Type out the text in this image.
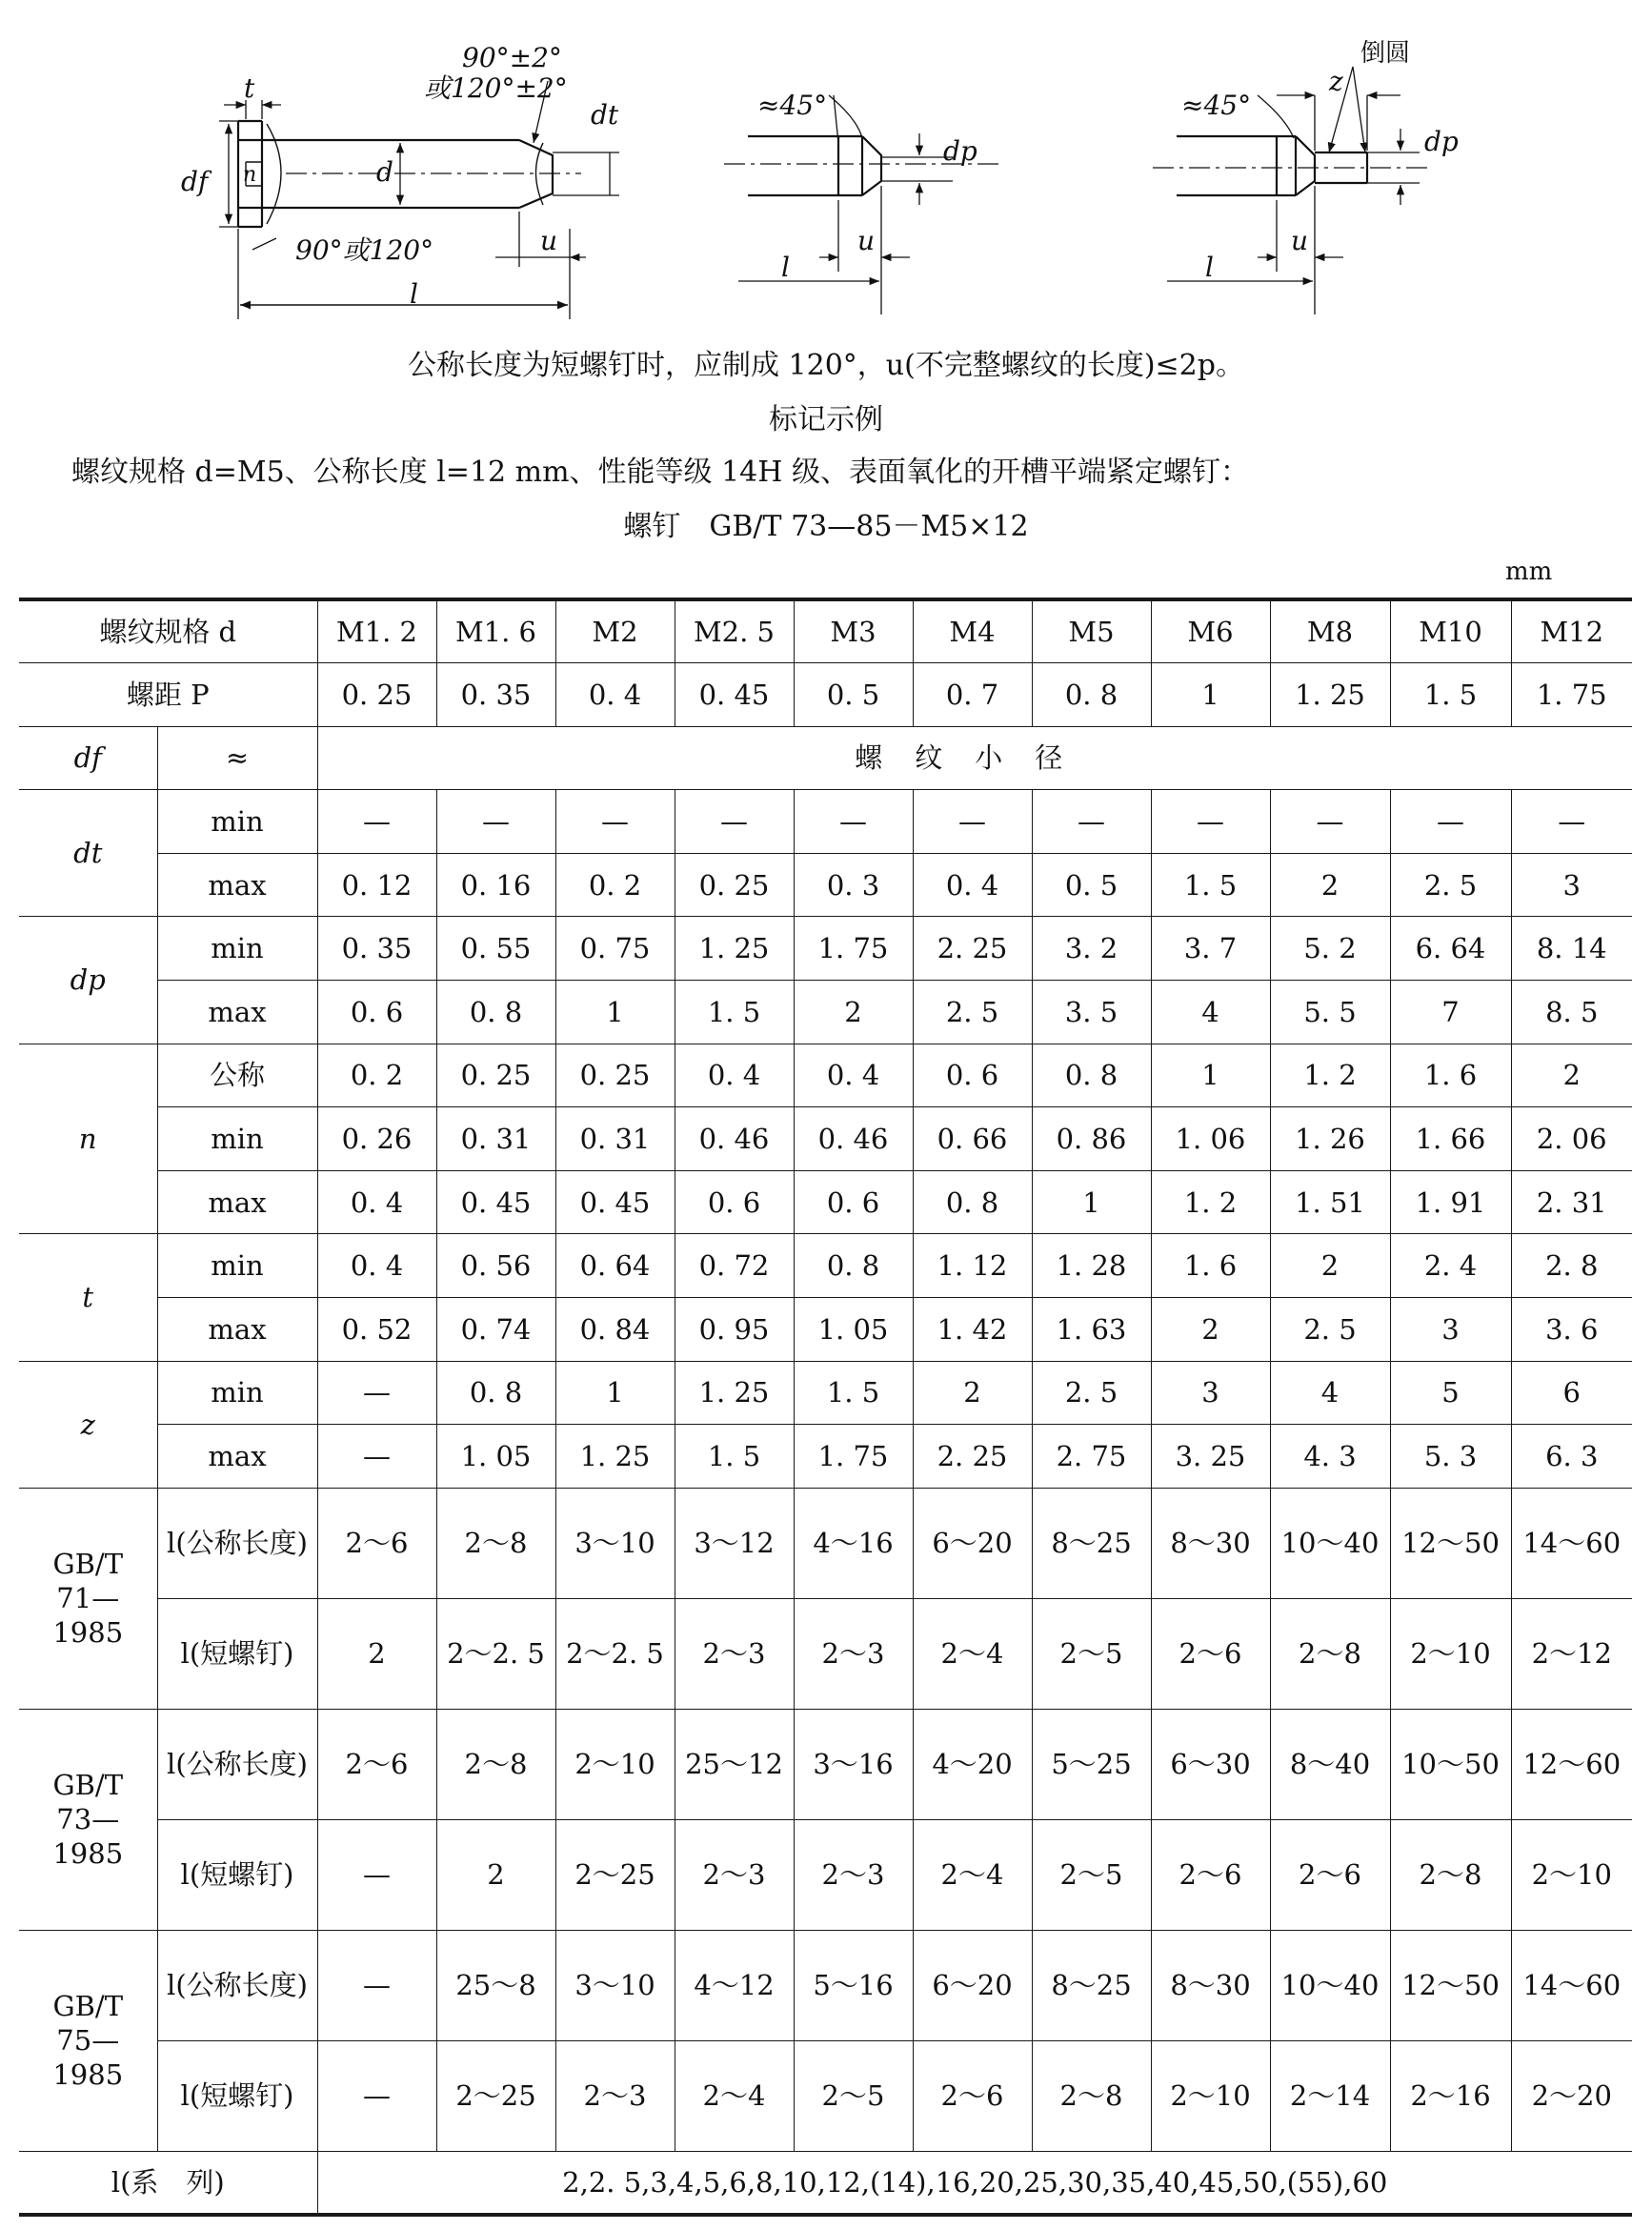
90°±2°
或120°±2°
90°或120°
l
u
t
n
df	d
dt	≈45°
dp
u
l
≈45°
倒圆
z
dp
u
l
公称长度为短螺钉时，应制成 120°，u(不完整螺纹的长度)≤2p。
标记示例
螺纹规格 d=M5、公称长度 l=12 mm、性能等级 14H 级、表面氧化的开槽平端紧定螺钉：
螺钉　GB/T 73—85－M5×12
mm
螺纹规格 d		M1. 2	M1. 6	M2	M2. 5	M3	M4	M5	M6	M8	M10	M12
螺距 P		0. 25	0. 35	0. 4	0. 45	0. 5	0. 7	0. 8	1	1. 25	1. 5	1. 75
df	≈	螺纹小径										
dt	min	—	—	—	—	—	—	—	—	—	—	—
	max	0. 12	0. 16	0. 2	0. 25	0. 3	0. 4	0. 5	1. 5	2	2. 5	3
dp	min	0. 35	0. 55	0. 75	1. 25	1. 75	2. 25	3. 2	3. 7	5. 2	6. 64	8. 14
	max	0. 6	0. 8	1	1. 5	2	2. 5	3. 5	4	5. 5	7	8. 5
n	公称	0. 2	0. 25	0. 25	0. 4	0. 4	0. 6	0. 8	1	1. 2	1. 6	2
	min	0. 26	0. 31	0. 31	0. 46	0. 46	0. 66	0. 86	1. 06	1. 26	1. 66	2. 06
	max	0. 4	0. 45	0. 45	0. 6	0. 6	0. 8	1	1. 2	1. 51	1. 91	2. 31
t	min	0. 4	0. 56	0. 64	0. 72	0. 8	1. 12	1. 28	1. 6	2	2. 4	2. 8
	max	0. 52	0. 74	0. 84	0. 95	1. 05	1. 42	1. 63	2	2. 5	3	3. 6
z	min	—	0. 8	1	1. 25	1. 5	2	2. 5	3	4	5	6
	max	—	1. 05	1. 25	1. 5	1. 75	2. 25	2. 75	3. 25	4. 3	5. 3	6. 3
GB/T 71—1985	l(公称长度)	2～6	2～8	3～10	3～12	4～16	6～20	8～25	8～30	10～40	12～50	14～60
	l(短螺钉)	2	2～2. 5	2～2. 5	2～3	2～3	2～4	2～5	2～6	2～8	2～10	2～12
GB/T 73—1985	l(公称长度)	2～6	2～8	2～10	25～12	3～16	4～20	5～25	6～30	8～40	10～50	12～60
	l(短螺钉)	—	2	2～25	2～3	2～3	2～4	2～5	2～6	2～6	2～8	2～10
GB/T 75—1985	l(公称长度)	—	25～8	3～10	4～12	5～16	6～20	8～25	8～30	10～40	12～50	14～60
	l(短螺钉)	—	2～25	2～3	2～4	2～5	2～6	2～8	2～10	2～14	2～16	2～20
l(系　列)		2,2. 5,3,4,5,6,8,10,12,(14),16,20,25,30,35,40,45,50,(55),60										
